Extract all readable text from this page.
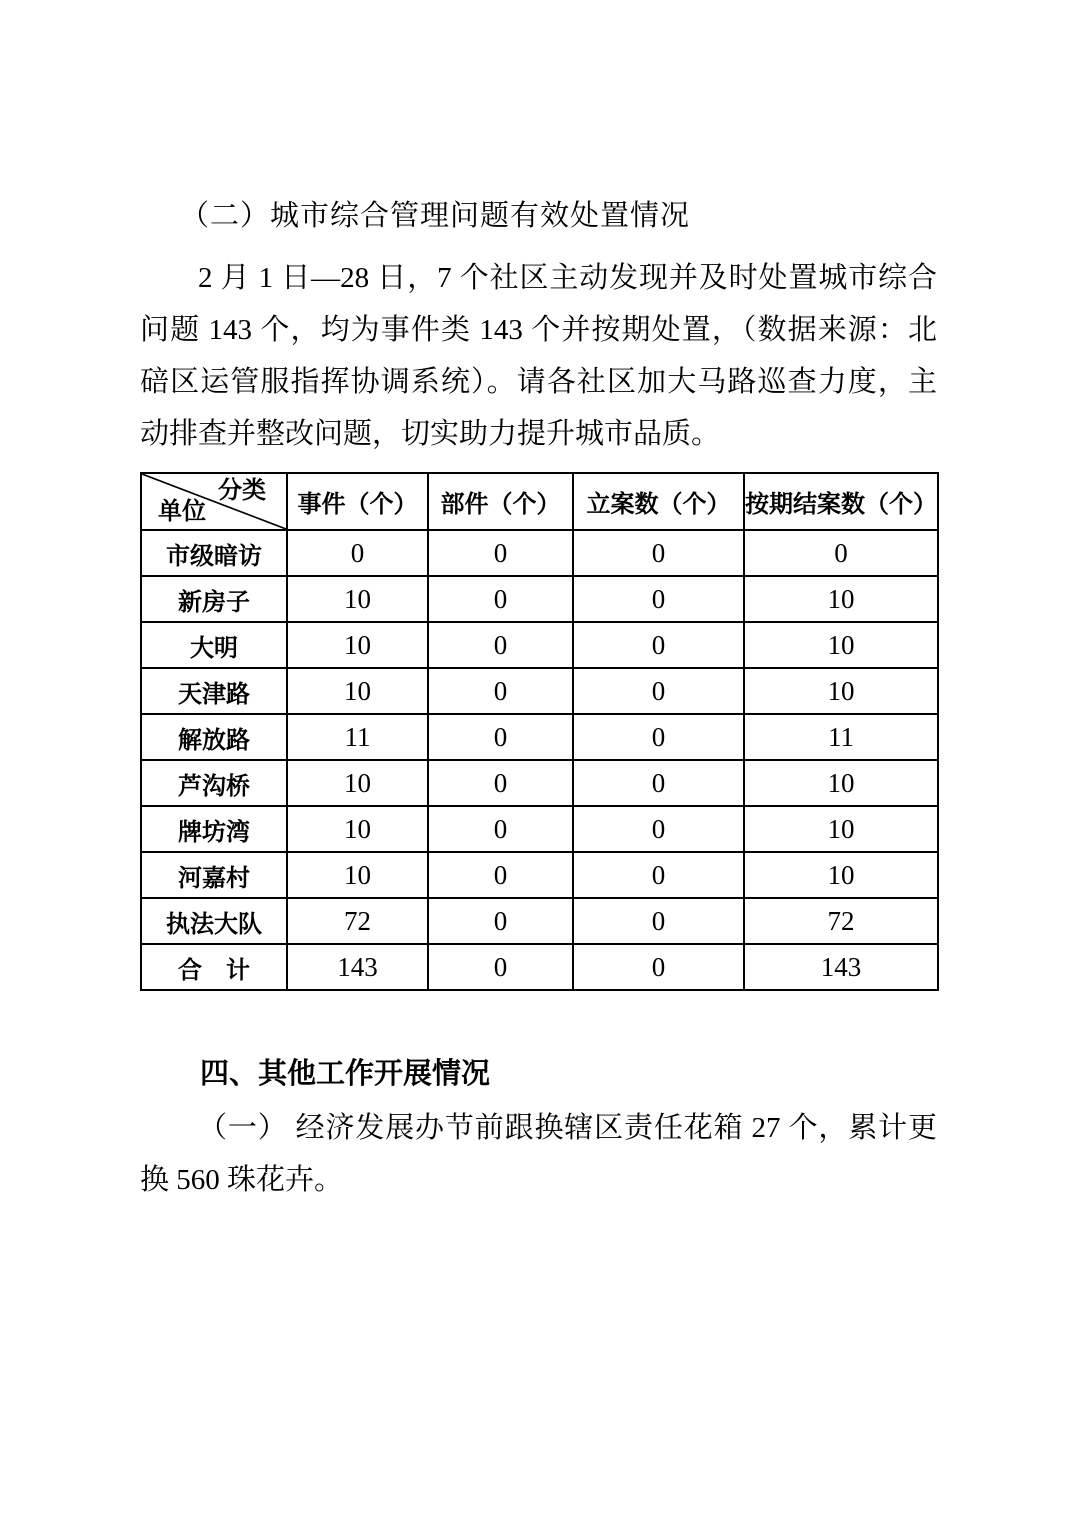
（二）城市综合管理问题有效处置情况

2 月 1 日—28 日，7 个社区主动发现并及时处置城市综合问题 143 个，均为事件类 143 个并按期处置，（数据来源：北碚区运管服指挥协调系统）。请各社区加大马路巡查力度，主动排查并整改问题，切实助力提升城市品质。

分类
单位	事件（个）	部件（个）	立案数（个）	按期结案数（个）
市级暗访	0	0	0	0
新房子	10	0	0	10
大明	10	0	0	10
天津路	10	0	0	10
解放路	11	0	0	11
芦沟桥	10	0	0	10
牌坊湾	10	0	0	10
河嘉村	10	0	0	10
执法大队	72	0	0	72
合　计	143	0	0	143
四、其他工作开展情况

（一） 经济发展办节前跟换辖区责任花箱 27 个，累计更换 560 珠花卉。
